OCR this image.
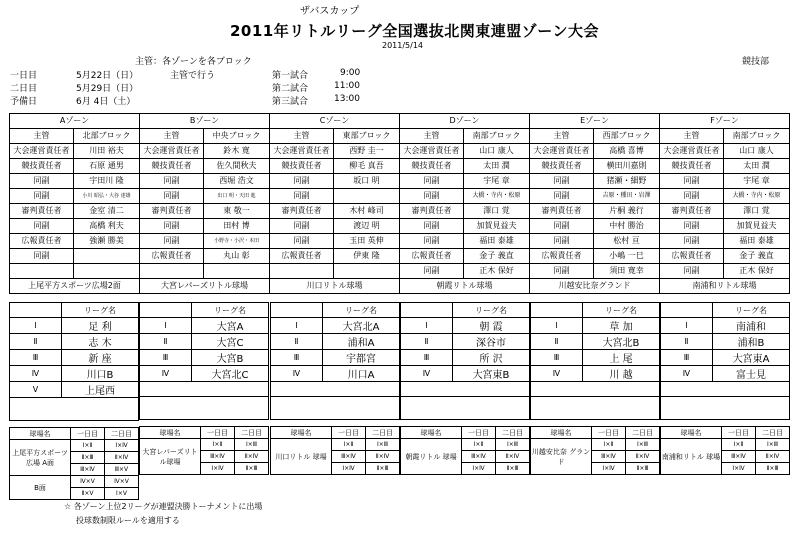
ザバスカップ
2011年リトルリーグ全国選抜北関東連盟ゾーン大会
2011/5/14
主管：各ゾーンを各ブロック	競技部
一日目	5月22日（日）	主管で行う
二日目	5月29日（日）
予備日	6月 4日（土）
第一試合	9:00
第二試合	11:00
第三試合	13:00
Aゾーン		Bゾーン		Cゾーン		Dゾーン		Eゾーン		Fゾーン	
主管	北部ブロック	主管	中央ブロック	主管	東部ブロック	主管	南部ブロック	主管	西部ブロック	主管	南部ブロック
大会運営責任者	川田 裕夫	大会運営責任者	鈴木 寛	大会運営責任者	西野 圭一	大会運営責任者	山口 康人	大会運営責任者	高橋 喜博	大会運営責任者	山口 康人
競技責任者	石原 通男	競技責任者	佐久間秋夫	競技責任者	柳毛 真吾	競技責任者	太田 潤	競技責任者	横田川嘉則	競技責任者	太田 潤
同副	宇田川 隆	同副	西堀 浩文	同副	坂口 明	同副	宇尾 章	同副	猪瀬・細野	同副	宇尾 章
同副	小川 昭弘・大谷 達雄	同副	出口 明・天田 進	同副		同副	大橋・寺内・松原	同副	吉原・種田・岩澤	同副	大橋・寺内・松原
審判責任者	金室 清二	審判責任者	東 敬一	審判責任者	木村 峰司	審判責任者	澤口 覚	審判責任者	片桐 義行	審判責任者	澤口 覚
同副	高橋 利夫	同副	田村 博	同副	渡辺 明	同副	加賀見益夫	同副	中村 勝治	同副	加賀見益夫
広報責任者	強瀬 勝美	同副	小野寺・小沢・本田	同副	玉田 英伸	同副	福田 泰雄	同副	松村 亘	同副	福田 泰雄
同副		広報責任者	丸山 彰	広報責任者	伊東 隆	広報責任者	金子 義直	広報責任者	小嶋 一巳	広報責任者	金子 義直
						同副	正木 保好	同副	須田 寛幸	同副	正木 保好
上尾平方スポーツ広場2面		大宮レパーズリトル球場		川口リトル球場		朝霞リトル球場		川越安比奈グランド		南浦和リトル球場	
	リーグ名
Ⅰ	足 利
Ⅱ	志 木
Ⅲ	新 座
Ⅳ	川口B
Ⅴ	上尾西

球場名	一日目	二日目
上尾平方スポーツ広場 A面	Ⅰ×Ⅱ	Ⅰ×Ⅳ
	Ⅱ×Ⅲ	Ⅱ×Ⅳ
	Ⅲ×Ⅳ	Ⅲ×Ⅴ
B面	Ⅳ×Ⅴ	Ⅳ×Ⅴ
	Ⅱ×Ⅴ	Ⅰ×Ⅴ
	リーグ名
Ⅰ	大宮A
Ⅱ	大宮C
Ⅲ	大宮B
Ⅳ	大宮北C

球場名	一日目	二日目
大宮レパーズリトル球場	Ⅰ×Ⅱ	Ⅰ×Ⅲ
	Ⅲ×Ⅳ	Ⅱ×Ⅳ
	Ⅰ×Ⅳ	Ⅱ×Ⅲ
	リーグ名
Ⅰ	大宮北A
Ⅱ	浦和A
Ⅲ	宇都宮
Ⅳ	川口A

球場名	一日目	二日目
川口リトル 球場	Ⅰ×Ⅱ	Ⅰ×Ⅲ
	Ⅲ×Ⅳ	Ⅱ×Ⅳ
	Ⅰ×Ⅳ	Ⅱ×Ⅲ
	リーグ名
Ⅰ	朝 霞
Ⅱ	深谷市
Ⅲ	所 沢
Ⅳ	大宮東B

球場名	一日目	二日目
朝霞リトル 球場	Ⅰ×Ⅱ	Ⅰ×Ⅲ
	Ⅲ×Ⅳ	Ⅱ×Ⅳ
	Ⅰ×Ⅳ	Ⅱ×Ⅲ
	リーグ名
Ⅰ	草 加
Ⅱ	大宮北B
Ⅲ	上 尾
Ⅳ	川 越

球場名	一日目	二日目
川越安比奈 グランド	Ⅰ×Ⅱ	Ⅰ×Ⅲ
	Ⅲ×Ⅳ	Ⅱ×Ⅳ
	Ⅰ×Ⅳ	Ⅱ×Ⅲ
	リーグ名
Ⅰ	南浦和
Ⅱ	浦和B
Ⅲ	大宮東A
Ⅳ	富士見

球場名	一日目	二日目
南浦和リトル 球場	Ⅰ×Ⅱ	Ⅰ×Ⅲ
	Ⅲ×Ⅳ	Ⅱ×Ⅳ
	Ⅰ×Ⅳ	Ⅱ×Ⅲ
☆ 各ゾーン上位2リーグが連盟決勝トーナメントに出場
投球数制限ルールを適用する
